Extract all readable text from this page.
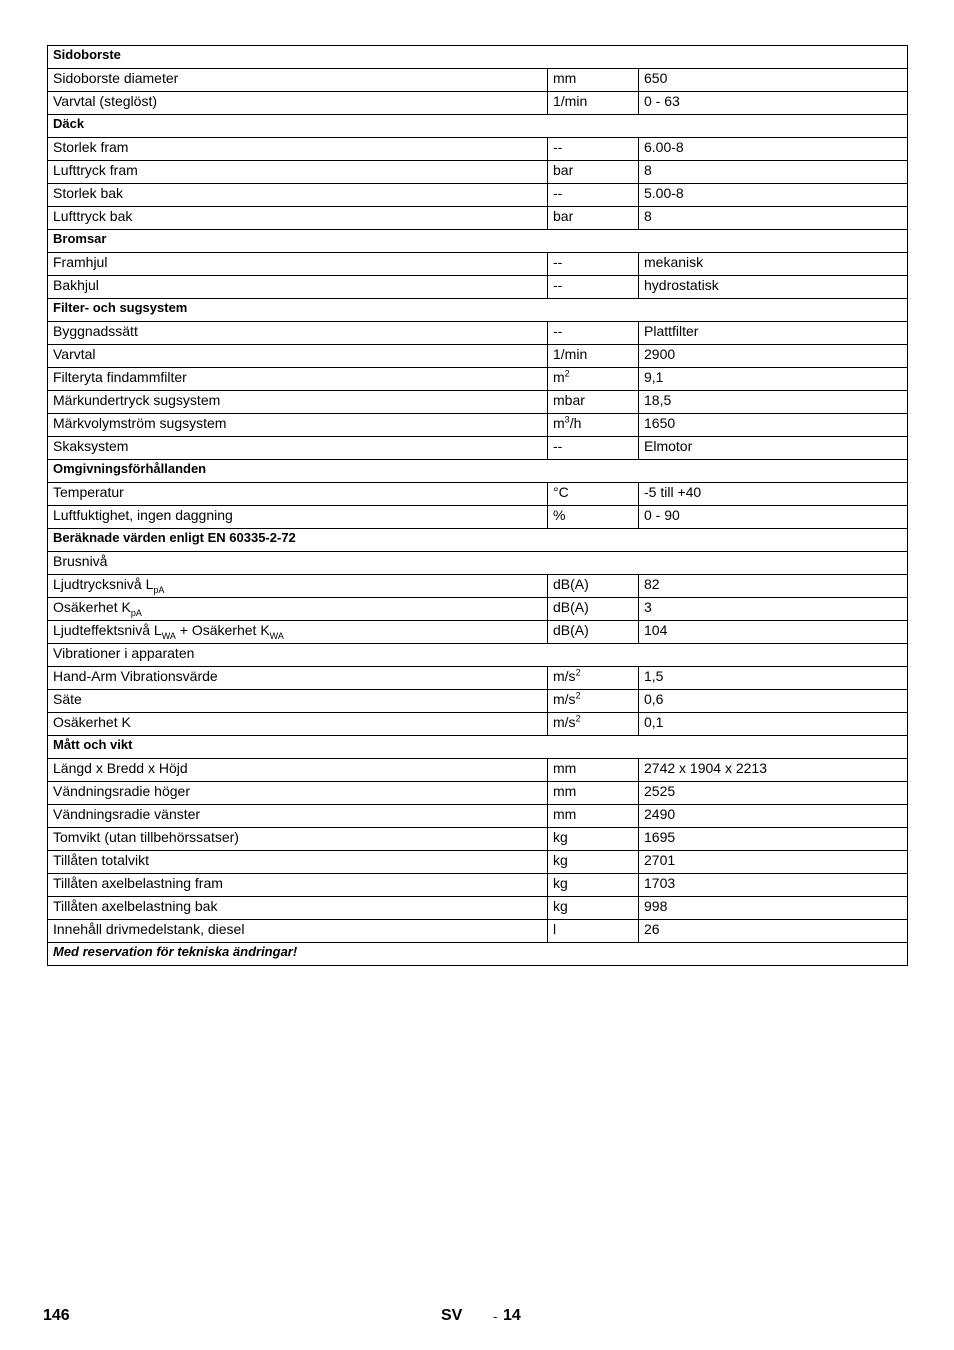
Sidoborste		
Sidoborste diameter	mm	650
Varvtal (steglöst)	1/min	0 - 63
Däck		
Storlek fram	--	6.00-8
Lufttryck fram	bar	8
Storlek bak	--	5.00-8
Lufttryck bak	bar	8
Bromsar		
Framhjul	--	mekanisk
Bakhjul	--	hydrostatisk
Filter- och sugsystem		
Byggnadssätt	--	Plattfilter
Varvtal	1/min	2900
Filteryta findammfilter	$m^2$	9,1
Märkundertryck sugsystem	mbar	18,5
Märkvolymström sugsystem	$m^3/h$	1650
Skaksystem	--	Elmotor
Omgivningsförhållanden		
Temperatur	°C	-5 till +40
Luftfuktighet, ingen daggning	%	0 - 90
Beräknade värden enligt EN 60335-2-72		
Brusnivå		
Ljudtrycksnivå $L_{pA}$	dB(A)	82
Osäkerhet $K_{pA}$	dB(A)	3
Ljudteffektsnivå $L_{WA}$ + Osäkerhet $K_{WA}$	dB(A)	104
Vibrationer i apparaten		
Hand-Arm Vibrationsvärde	$m/s^2$	1,5
Säte	$m/s^2$	0,6
Osäkerhet K	$m/s^2$	0,1
Mått och vikt		
Längd x Bredd x Höjd	mm	2742 x 1904 x 2213
Vändningsradie höger	mm	2525
Vändningsradie vänster	mm	2490
Tomvikt (utan tillbehörssatser)	kg	1695
Tillåten totalvikt	kg	2701
Tillåten axelbelastning fram	kg	1703
Tillåten axelbelastning bak	kg	998
Innehåll drivmedelstank, diesel	l	26
Med reservation för tekniska ändringar!		
146	SV - 14
